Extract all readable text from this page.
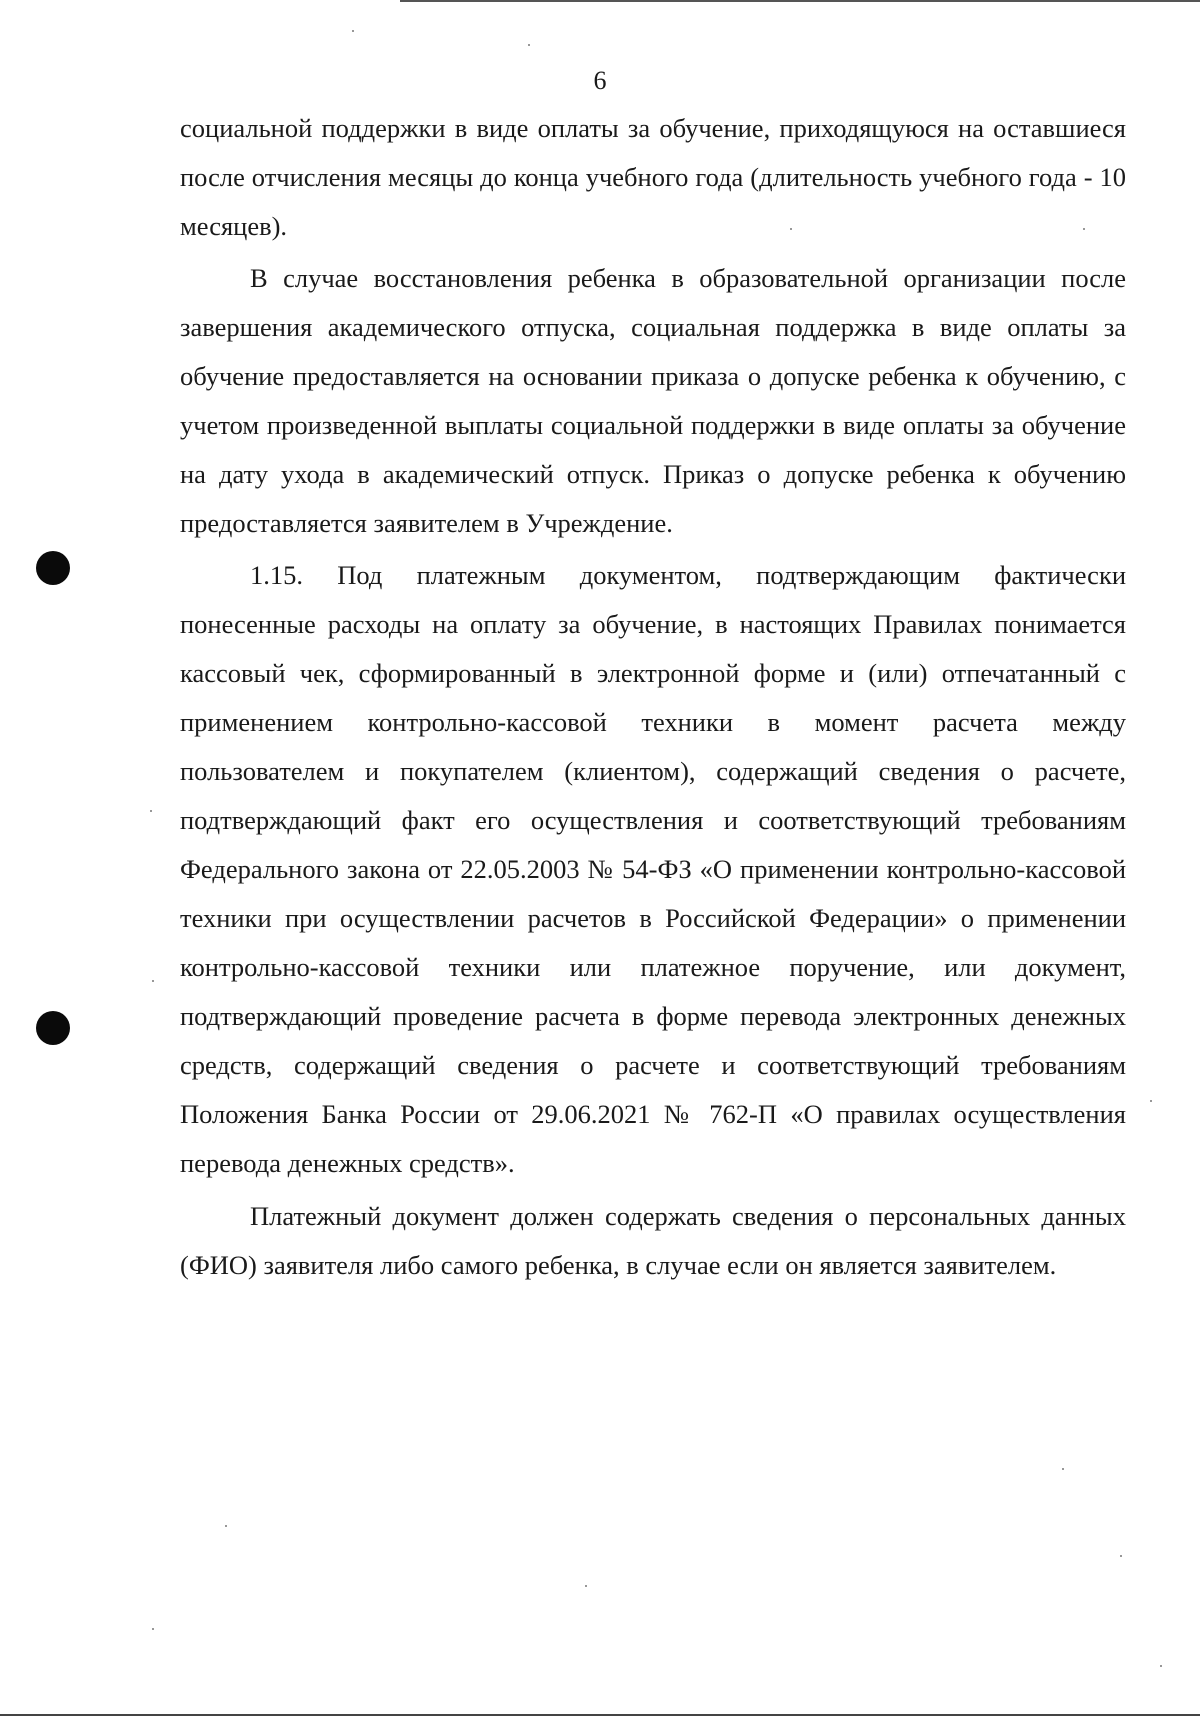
6

социальной поддержки в виде оплаты за обучение, приходящуюся на оставшиеся после отчисления месяцы до конца учебного года (длительность учебного года - 10 месяцев).

В случае восстановления ребенка в образовательной организации после завершения академического отпуска, социальная поддержка в виде оплаты за обучение предоставляется на основании приказа о допуске ребенка к обучению, с учетом произведенной выплаты социальной поддержки в виде оплаты за обучение на дату ухода в академический отпуск. Приказ о допуске ребенка к обучению предоставляется заявителем в Учреждение.

1.15. Под платежным документом, подтверждающим фактически понесенные расходы на оплату за обучение, в настоящих Правилах понимается кассовый чек, сформированный в электронной форме и (или) отпечатанный с применением контрольно-кассовой техники в момент расчета между пользователем и покупателем (клиентом), содержащий сведения о расчете, подтверждающий факт его осуществления и соответствующий требованиям Федерального закона от 22.05.2003 № 54-ФЗ «О применении контрольно-кассовой техники при осуществлении расчетов в Российской Федерации» о применении контрольно-кассовой техники или платежное поручение, или документ, подтверждающий проведение расчета в форме перевода электронных денежных средств, содержащий сведения о расчете и соответствующий требованиям Положения Банка России от 29.06.2021 № 762-П «О правилах осуществления перевода денежных средств».

Платежный документ должен содержать сведения о персональных данных (ФИО) заявителя либо самого ребенка, в случае если он является заявителем.
